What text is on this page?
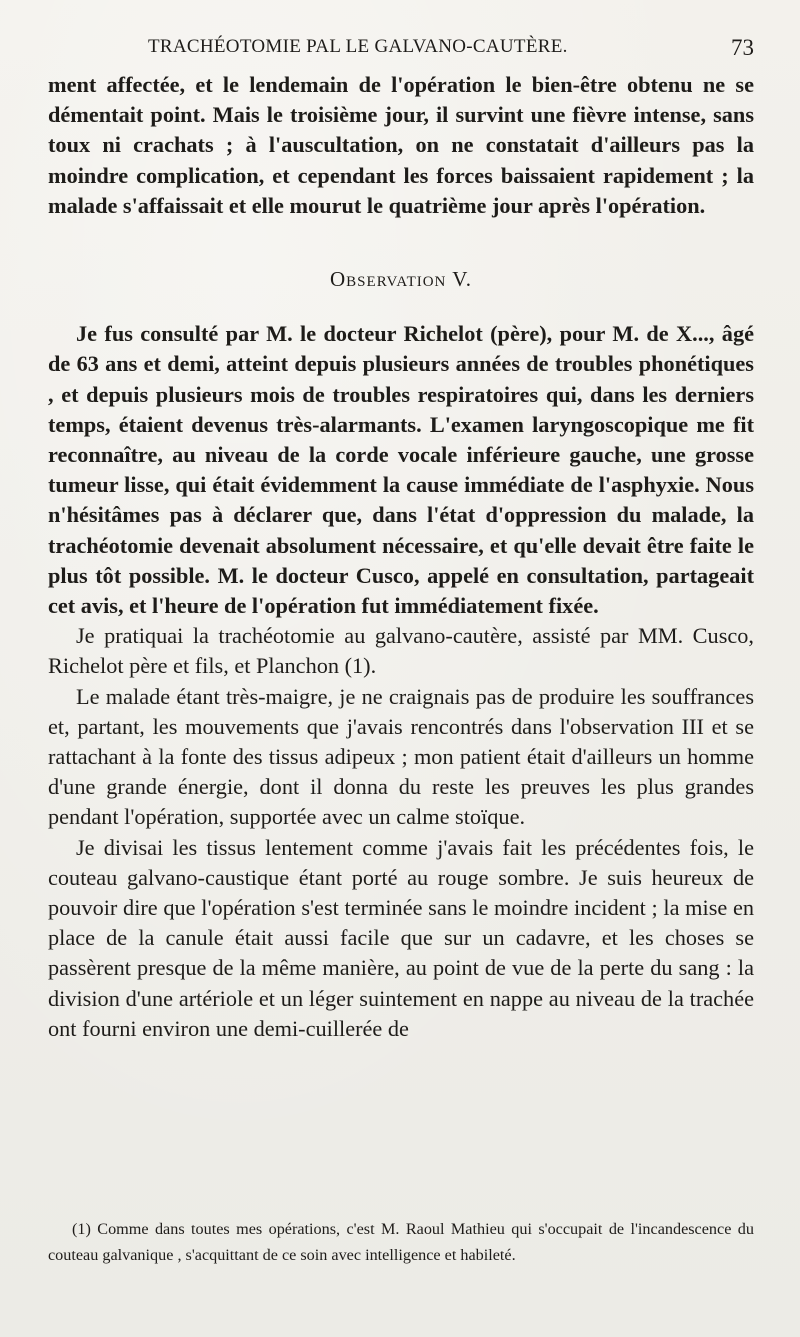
TRACHÉOTOMIE PAL LE GALVANO-CAUTÈRE.	73

ment affectée, et le lendemain de l'opération le bien-être obtenu ne se démentait point. Mais le troisième jour, il survint une fièvre intense, sans toux ni crachats ; à l'auscultation, on ne constatait d'ailleurs pas la moindre complication, et cependant les forces baissaient rapidement ; la malade s'affaissait et elle mourut le quatrième jour après l'opération.

Observation V.

Je fus consulté par M. le docteur Richelot (père), pour M. de X..., âgé de 63 ans et demi, atteint depuis plusieurs années de troubles phonétiques , et depuis plusieurs mois de troubles respiratoires qui, dans les derniers temps, étaient devenus très-alarmants. L'examen laryngoscopique me fit reconnaître, au niveau de la corde vocale inférieure gauche, une grosse tumeur lisse, qui était évidemment la cause immédiate de l'asphyxie. Nous n'hésitâmes pas à déclarer que, dans l'état d'oppression du malade, la trachéotomie devenait absolument nécessaire, et qu'elle devait être faite le plus tôt possible. M. le docteur Cusco, appelé en consultation, partageait cet avis, et l'heure de l'opération fut immédiatement fixée.

Je pratiquai la trachéotomie au galvano-cautère, assisté par MM. Cusco, Richelot père et fils, et Planchon (1).

Le malade étant très-maigre, je ne craignais pas de produire les souffrances et, partant, les mouvements que j'avais rencontrés dans l'observation III et se rattachant à la fonte des tissus adipeux ; mon patient était d'ailleurs un homme d'une grande énergie, dont il donna du reste les preuves les plus grandes pendant l'opération, supportée avec un calme stoïque.

Je divisai les tissus lentement comme j'avais fait les précédentes fois, le couteau galvano-caustique étant porté au rouge sombre. Je suis heureux de pouvoir dire que l'opération s'est terminée sans le moindre incident ; la mise en place de la canule était aussi facile que sur un cadavre, et les choses se passèrent presque de la même manière, au point de vue de la perte du sang : la division d'une artériole et un léger suintement en nappe au niveau de la trachée ont fourni environ une demi-cuillerée de

(1) Comme dans toutes mes opérations, c'est M. Raoul Mathieu qui s'occupait de l'incandescence du couteau galvanique , s'acquittant de ce soin avec intelligence et habileté.
